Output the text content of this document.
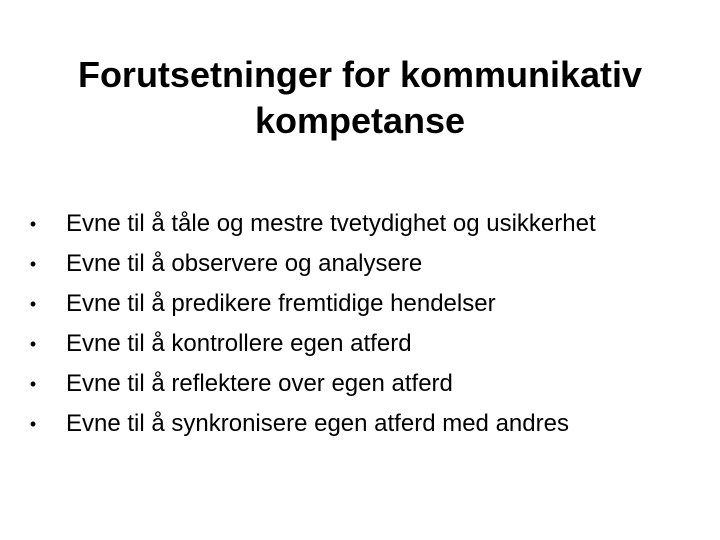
Forutsetninger for kommunikativ kompetanse
• Evne til å tåle og mestre tvetydighet og usikkerhet
• Evne til å observere og analysere
• Evne til å predikere fremtidige hendelser
• Evne til å kontrollere egen atferd
• Evne til å reflektere over egen atferd
• Evne til å synkronisere egen atferd med andres
